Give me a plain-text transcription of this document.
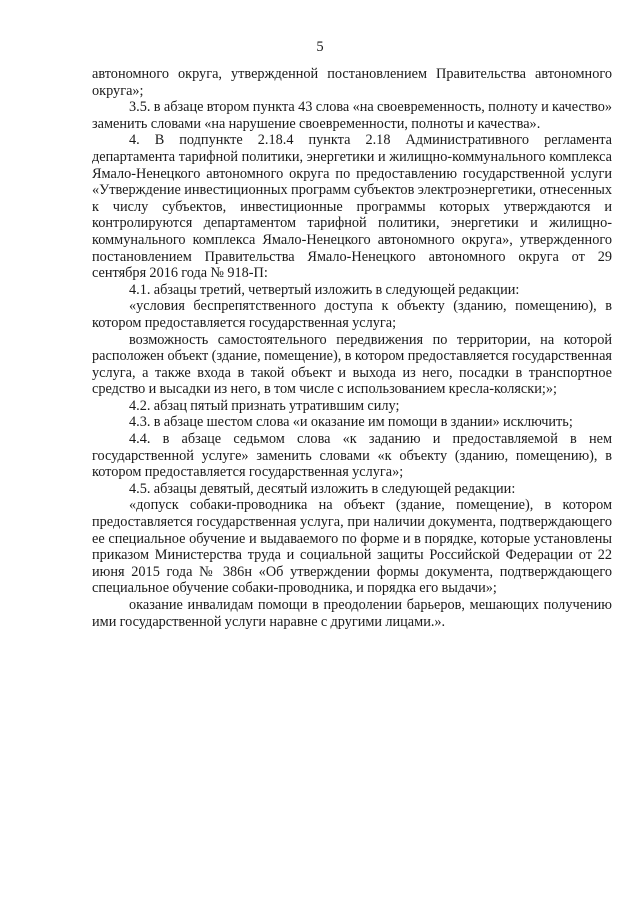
5

автономного округа, утвержденной постановлением Правительства автономного округа»;

3.5. в абзаце втором пункта 43 слова «на своевременность, полноту и качество» заменить словами «на нарушение своевременности, полноты и качества».

4. В подпункте 2.18.4 пункта 2.18 Административного регламента департамента тарифной политики, энергетики и жилищно-коммунального комплекса Ямало-Ненецкого автономного округа по предоставлению государственной услуги «Утверждение инвестиционных программ субъектов электроэнергетики, отнесенных к числу субъектов, инвестиционные программы которых утверждаются и контролируются департаментом тарифной политики, энергетики и жилищно-коммунального комплекса Ямало-Ненецкого автономного округа», утвержденного постановлением Правительства Ямало-Ненецкого автономного округа от 29 сентября 2016 года № 918-П:

4.1. абзацы третий, четвертый изложить в следующей редакции:

«условия беспрепятственного доступа к объекту (зданию, помещению), в котором предоставляется государственная услуга;

возможность самостоятельного передвижения по территории, на которой расположен объект (здание, помещение), в котором предоставляется государственная услуга, а также входа в такой объект и выхода из него, посадки в транспортное средство и высадки из него, в том числе с использованием кресла-коляски;»;

4.2. абзац пятый признать утратившим силу;

4.3. в абзаце шестом слова «и оказание им помощи в здании» исключить;

4.4. в абзаце седьмом слова «к заданию и предоставляемой в нем государственной услуге» заменить словами «к объекту (зданию, помещению), в котором предоставляется государственная услуга»;

4.5. абзацы девятый, десятый изложить в следующей редакции:

«допуск собаки-проводника на объект (здание, помещение), в котором предоставляется государственная услуга, при наличии документа, подтверждающего ее специальное обучение и выдаваемого по форме и в порядке, которые установлены приказом Министерства труда и социальной защиты Российской Федерации от 22 июня 2015 года № 386н «Об утверждении формы документа, подтверждающего специальное обучение собаки-проводника, и порядка его выдачи»;

оказание инвалидам помощи в преодолении барьеров, мешающих получению ими государственной услуги наравне с другими лицами.».
